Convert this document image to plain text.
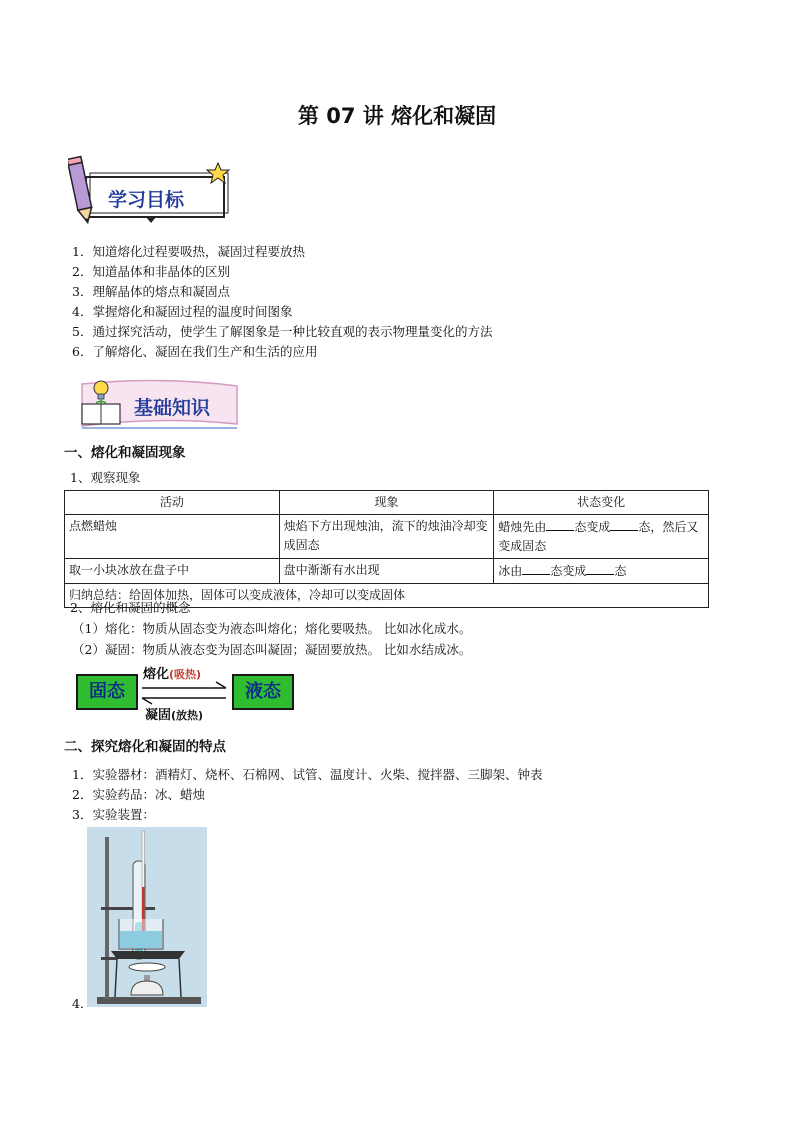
第 07 讲 熔化和凝固
学习目标
1．知道熔化过程要吸热，凝固过程要放热
2．知道晶体和非晶体的区别
3．理解晶体的熔点和凝固点
4．掌握熔化和凝固过程的温度时间图象
5．通过探究活动，使学生了解图象是一种比较直观的表示物理量变化的方法
6．了解熔化、凝固在我们生产和生活的应用
基础知识
一、熔化和凝固现象
1、观察现象
活动	现象	状态变化
点燃蜡烛	烛焰下方出现烛油，流下的烛油冷却变成固态	蜡烛先由 态变成 态，然后又变成固态
取一小块冰放在盘子中	盘中渐渐有水出现	冰由 态变成 态
归纳总结：给固体加热，固体可以变成液体，冷却可以变成固体		
2、熔化和凝固的概念
（1）熔化：物质从固态变为液态叫熔化；熔化要吸热。 比如冰化成水。
（2）凝固：物质从液态变为固态叫凝固；凝固要放热。 比如水结成冰。
固态	液态
熔化(吸热)
凝固(放热)
二、探究熔化和凝固的特点
1．实验器材：酒精灯、烧杯、石棉网、试管、温度计、火柴、搅拌器、三脚架、钟表
2．实验药品：冰、蜡烛
3．实验装置：
4．
